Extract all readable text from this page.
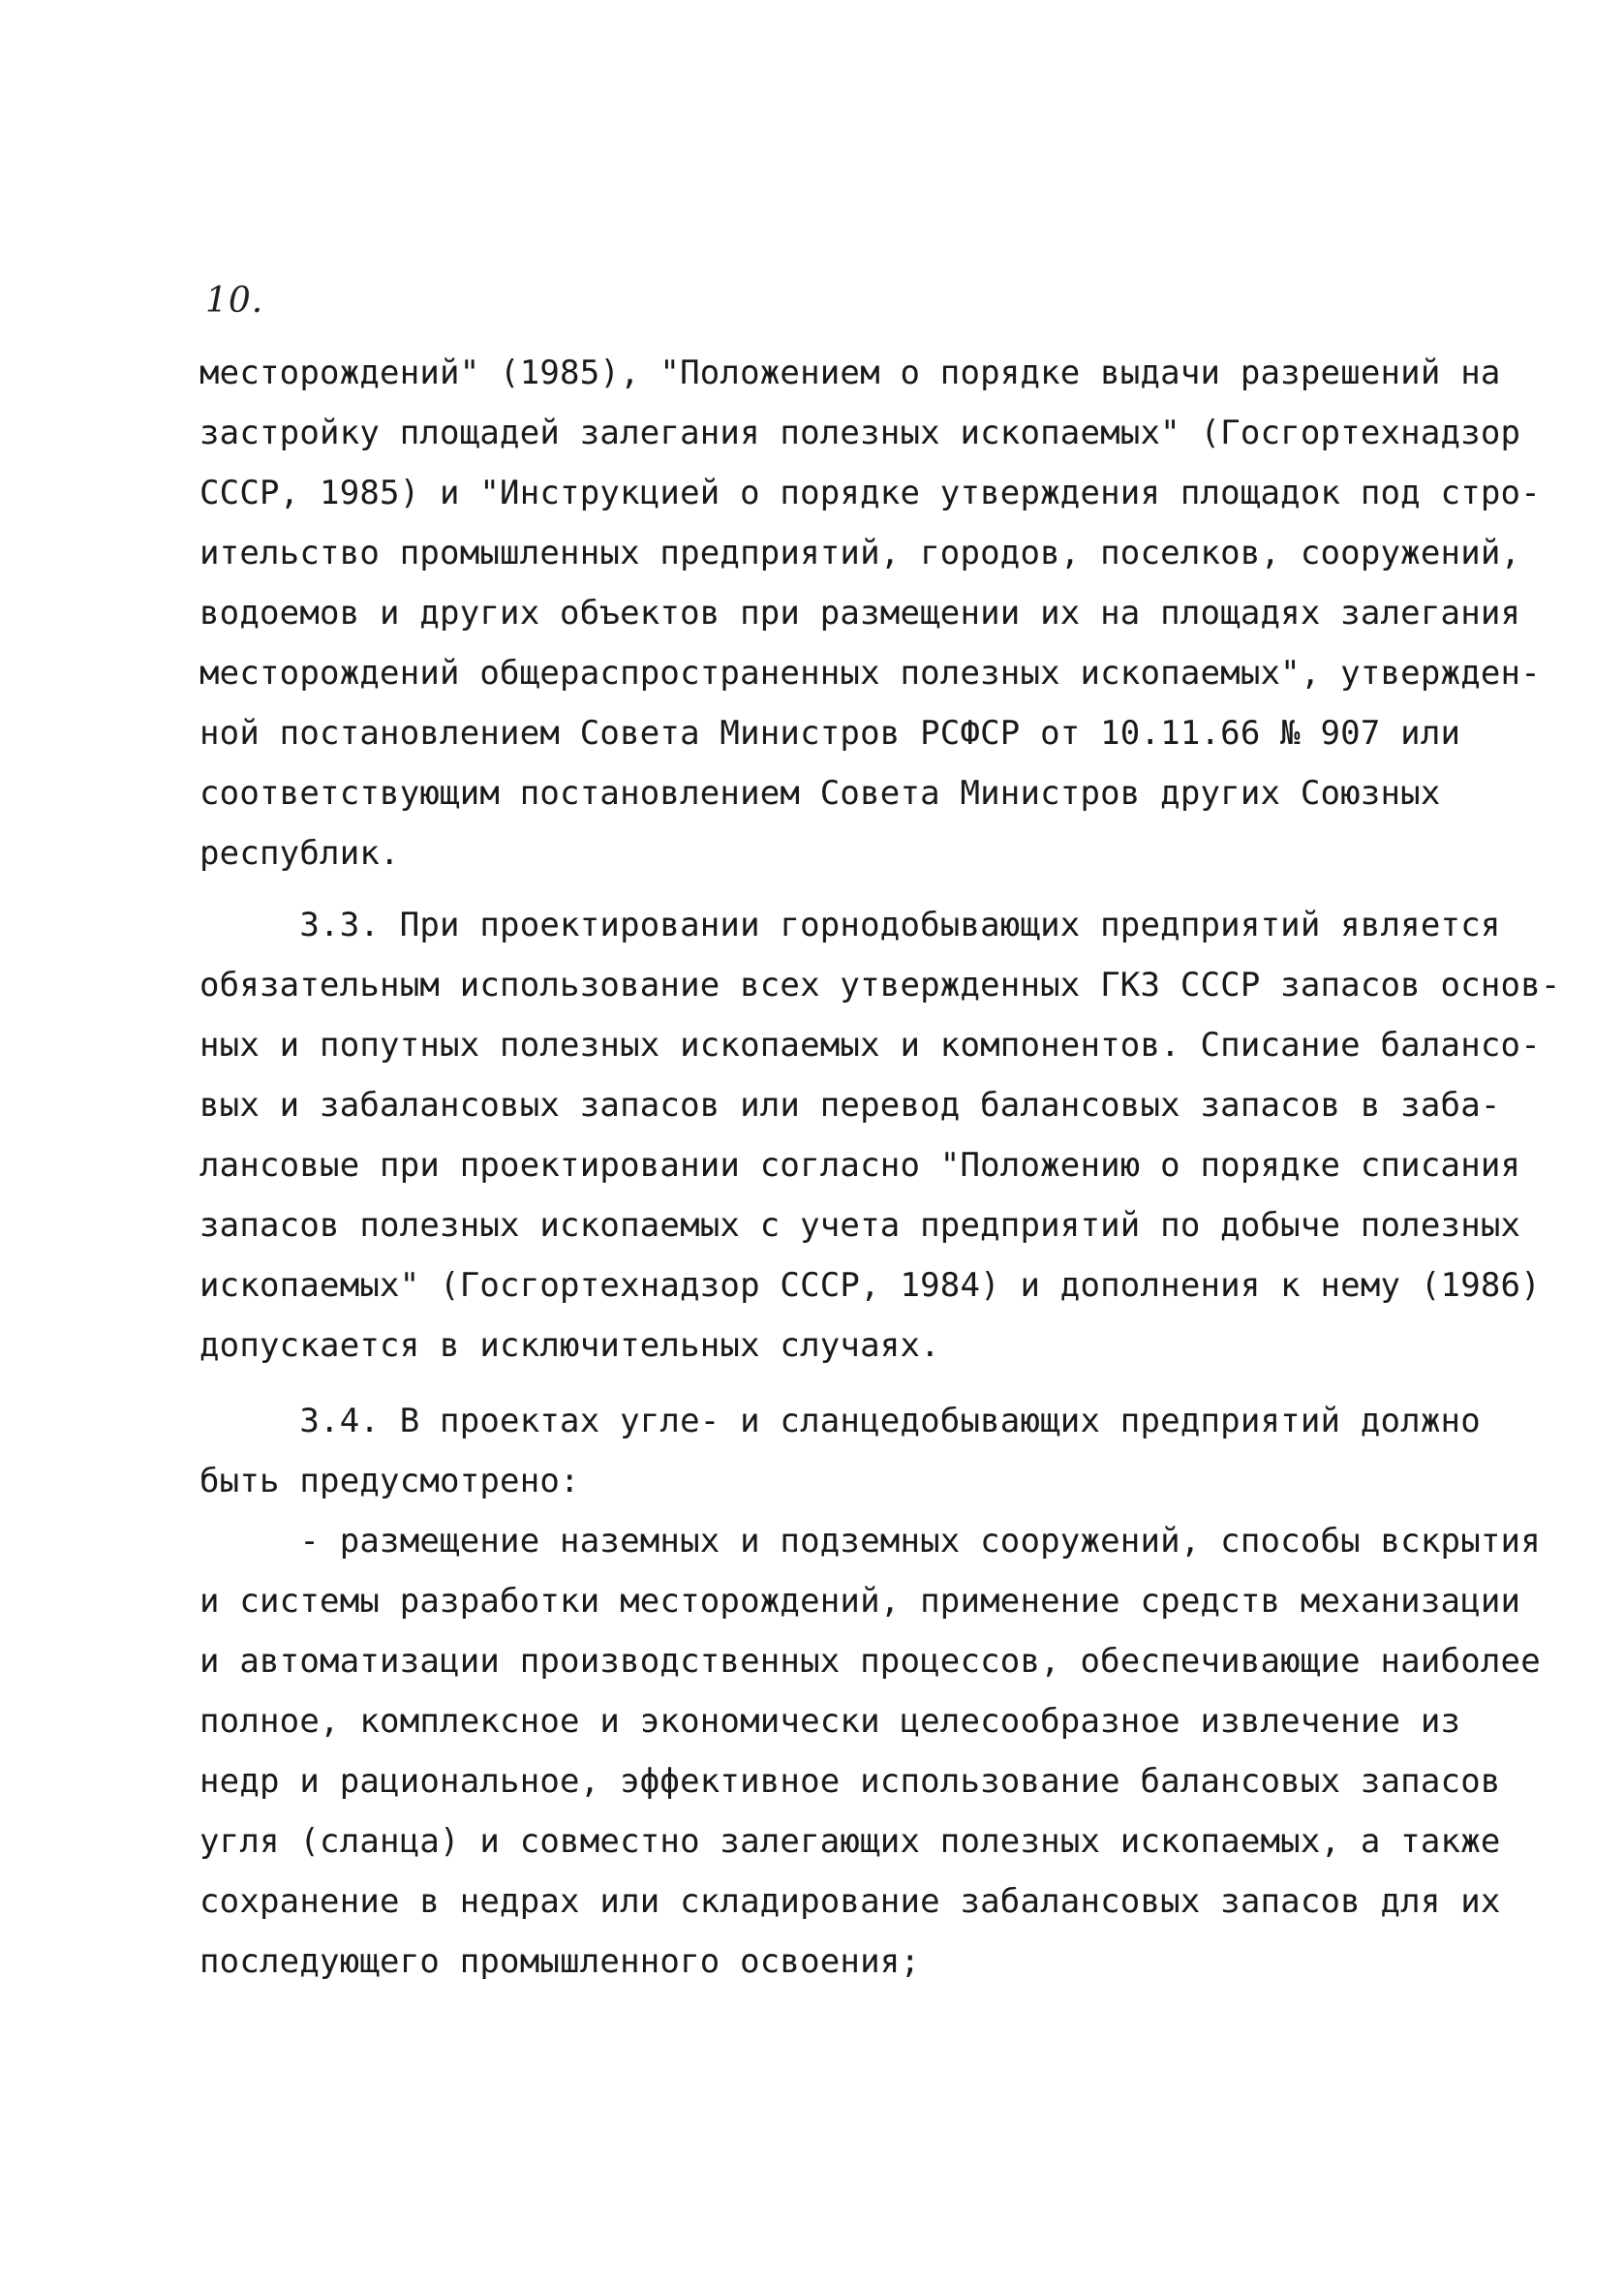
10.
месторождений" (1985), "Положением о порядке выдачи разрешений на
застройку площадей залегания полезных ископаемых" (Госгортехнадзор
СССР, 1985) и "Инструкцией о порядке утверждения площадок под стро-
ительство промышленных предприятий, городов, поселков, сооружений,
водоемов и других объектов при размещении их на площадях залегания
месторождений общераспространенных полезных ископаемых", утвержден-
ной постановлением Совета Министров РСФСР от 10.11.66 № 907 или
соответствующим постановлением Совета Министров других Союзных
республик.
3.3. При проектировании горнодобывающих предприятий является
обязательным использование всех утвержденных ГКЗ СССР запасов основ-
ных и попутных полезных ископаемых и компонентов. Списание балансо-
вых и забалансовых запасов или перевод балансовых запасов в заба-
лансовые при проектировании согласно "Положению о порядке списания
запасов полезных ископаемых с учета предприятий по добыче полезных
ископаемых" (Госгортехнадзор СССР, 1984) и дополнения к нему (1986)
допускается в исключительных случаях.
3.4. В проектах угле- и сланцедобывающих предприятий должно
быть предусмотрено:
- размещение наземных и подземных сооружений, способы вскрытия
и системы разработки месторождений, применение средств механизации
и автоматизации производственных процессов, обеспечивающие наиболее
полное, комплексное и экономически целесообразное извлечение из
недр и рациональное, эффективное использование балансовых запасов
угля (сланца) и совместно залегающих полезных ископаемых, а также
сохранение в недрах или складирование забалансовых запасов для их
последующего промышленного освоения;
